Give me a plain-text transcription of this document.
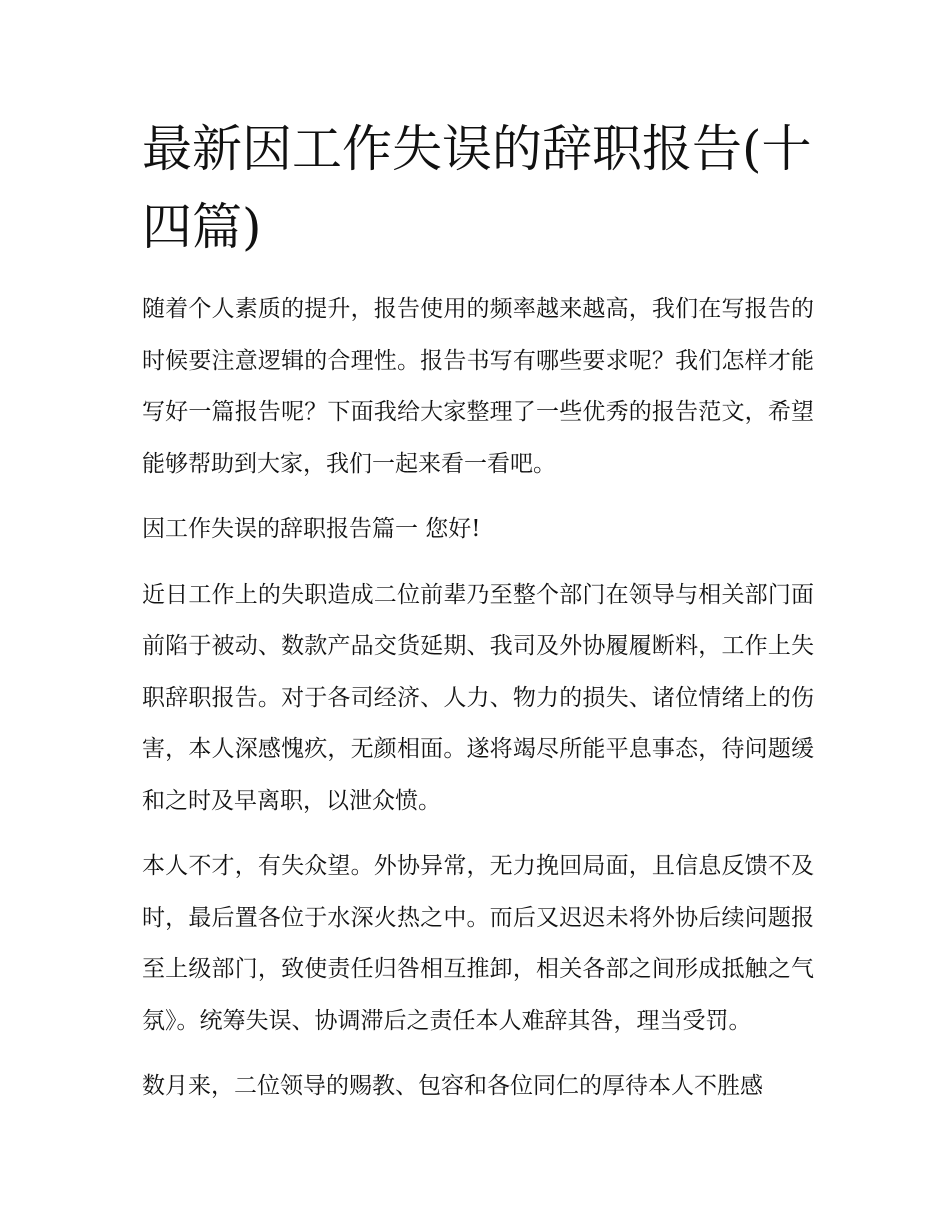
最新因工作失误的辞职报告(十四篇)

随着个人素质的提升，报告使用的频率越来越高，我们在写报告的时候要注意逻辑的合理性。报告书写有哪些要求呢？我们怎样才能写好一篇报告呢？下面我给大家整理了一些优秀的报告范文，希望能够帮助到大家，我们一起来看一看吧。

因工作失误的辞职报告篇一 您好!

近日工作上的失职造成二位前辈乃至整个部门在领导与相关部门面前陷于被动、数款产品交货延期、我司及外协履履断料，工作上失职辞职报告。对于各司经济、人力、物力的损失、诸位情绪上的伤害，本人深感愧疚，无颜相面。遂将竭尽所能平息事态，待问题缓和之时及早离职，以泄众愤。

本人不才，有失众望。外协异常，无力挽回局面，且信息反馈不及时，最后置各位于水深火热之中。而后又迟迟未将外协后续问题报至上级部门，致使责任归咎相互推卸，相关各部之间形成抵触之气氛》。统筹失误、协调滞后之责任本人难辞其咎，理当受罚。

数月来，二位领导的赐教、包容和各位同仁的厚待本人不胜感
